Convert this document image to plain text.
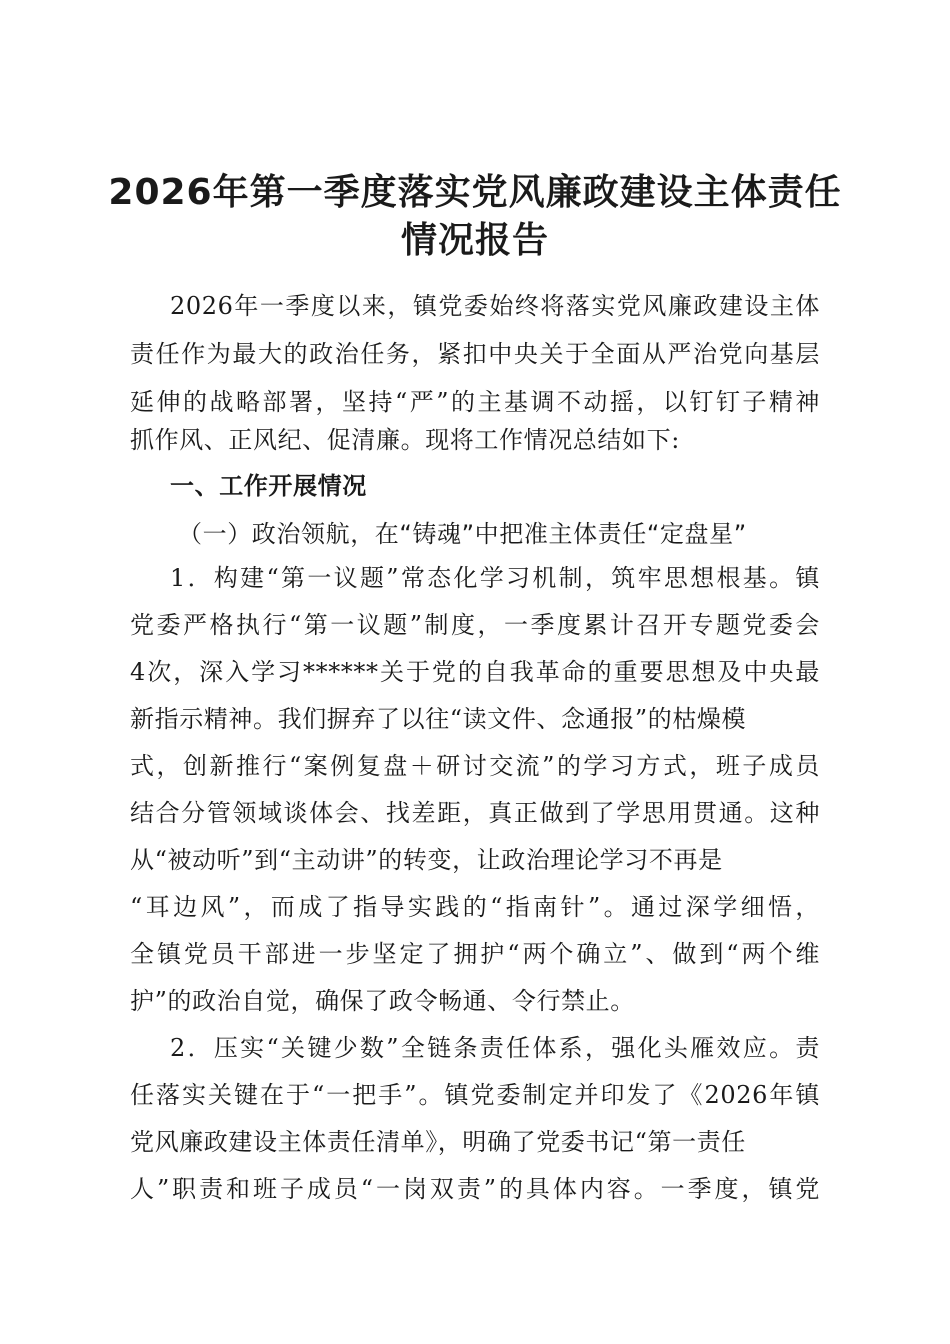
2026年第一季度落实党风廉政建设主体责任
情况报告

2026年一季度以来，镇党委始终将落实党风廉政建设主体

责任作为最大的政治任务，紧扣中央关于全面从严治党向基层

延伸的战略部署，坚持“严”的主基调不动摇，以钉钉子精神

抓作风、正风纪、促清廉。现将工作情况总结如下:

一、工作开展情况

（一）政治领航，在“铸魂”中把准主体责任“定盘星”

1．构建“第一议题”常态化学习机制，筑牢思想根基。镇

党委严格执行“第一议题”制度，一季度累计召开专题党委会

4次，深入学习******关于党的自我革命的重要思想及中央最

新指示精神。我们摒弃了以往“读文件、念通报”的枯燥模

式，创新推行“案例复盘＋研讨交流”的学习方式，班子成员

结合分管领域谈体会、找差距，真正做到了学思用贯通。这种

从“被动听”到“主动讲”的转变，让政治理论学习不再是

“耳边风”，而成了指导实践的“指南针”。通过深学细悟，

全镇党员干部进一步坚定了拥护“两个确立”、做到“两个维

护”的政治自觉，确保了政令畅通、令行禁止。

2．压实“关键少数”全链条责任体系，强化头雁效应。责

任落实关键在于“一把手”。镇党委制定并印发了《2026年镇

党风廉政建设主体责任清单》，明确了党委书记“第一责任

人”职责和班子成员“一岗双责”的具体内容。一季度，镇党
